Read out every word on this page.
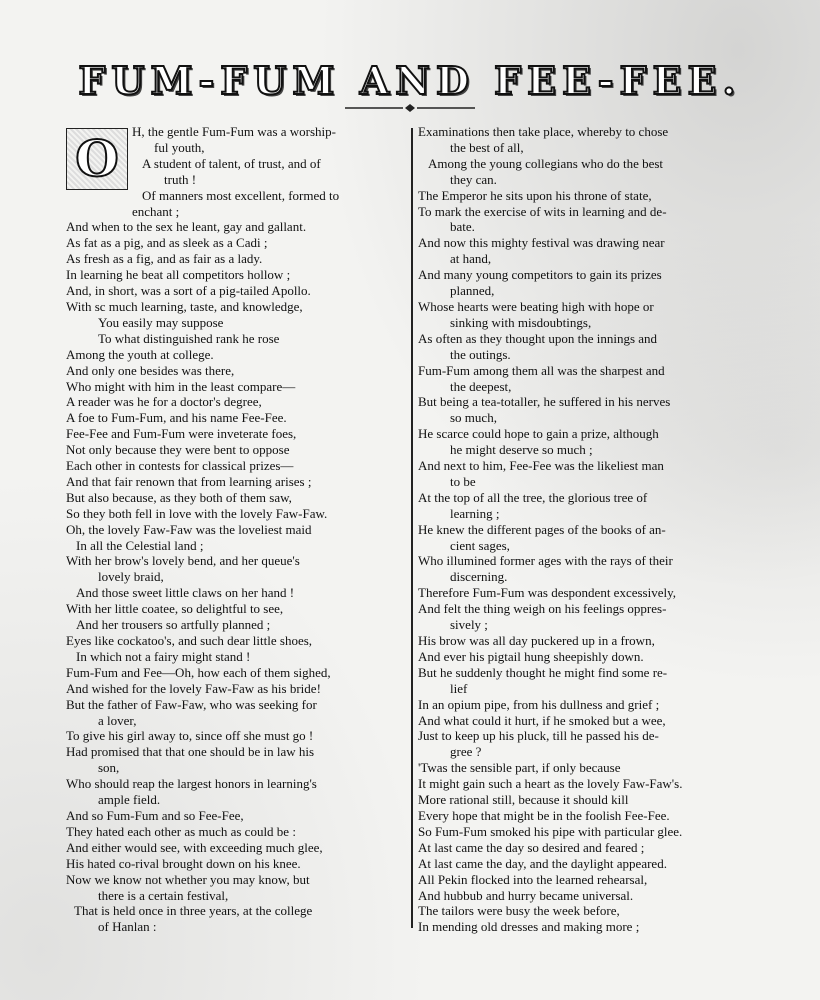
FUM-FUM AND FEE-FEE.
O H, the gentle Fum-Fum was a worship-
ful youth,
A student of talent, of trust, and of
truth !
Of manners most excellent, formed to
enchant ;
And when to the sex he leant, gay and gallant.
As fat as a pig, and as sleek as a Cadi ;
As fresh as a fig, and as fair as a lady.
In learning he beat all competitors hollow ;
And, in short, was a sort of a pig-tailed Apollo.
With sc much learning, taste, and knowledge,
You easily may suppose
To what distinguished rank he rose
Among the youth at college.
And only one besides was there,
Who might with him in the least compare—
A reader was he for a doctor's degree,
A foe to Fum-Fum, and his name Fee-Fee.
Fee-Fee and Fum-Fum were inveterate foes,
Not only because they were bent to oppose
Each other in contests for classical prizes—
And that fair renown that from learning arises ;
But also because, as they both of them saw,
So they both fell in love with the lovely Faw-Faw.
Oh, the lovely Faw-Faw was the loveliest maid
In all the Celestial land ;
With her brow's lovely bend, and her queue's
lovely braid,
And those sweet little claws on her hand !
With her little coatee, so delightful to see,
And her trousers so artfully planned ;
Eyes like cockatoo's, and such dear little shoes,
In which not a fairy might stand !
Fum-Fum and Fee—Oh, how each of them sighed,
And wished for the lovely Faw-Faw as his bride!
But the father of Faw-Faw, who was seeking for
a lover,
To give his girl away to, since off she must go !
Had promised that that one should be in law his
son,
Who should reap the largest honors in learning's
ample field.
And so Fum-Fum and so Fee-Fee,
They hated each other as much as could be :
And either would see, with exceeding much glee,
His hated co-rival brought down on his knee.
Now we know not whether you may know, but
there is a certain festival,
That is held once in three years, at the college
of Hanlan :
Examinations then take place, whereby to chose
the best of all,
Among the young collegians who do the best
they can.
The Emperor he sits upon his throne of state,
To mark the exercise of wits in learning and de-
bate.
And now this mighty festival was drawing near
at hand,
And many young competitors to gain its prizes
planned,
Whose hearts were beating high with hope or
sinking with misdoubtings,
As often as they thought upon the innings and
the outings.
Fum-Fum among them all was the sharpest and
the deepest,
But being a tea-totaller, he suffered in his nerves
so much,
He scarce could hope to gain a prize, although
he might deserve so much ;
And next to him, Fee-Fee was the likeliest man
to be
At the top of all the tree, the glorious tree of
learning ;
He knew the different pages of the books of an-
cient sages,
Who illumined former ages with the rays of their
discerning.
Therefore Fum-Fum was despondent excessively,
And felt the thing weigh on his feelings oppres-
sively ;
His brow was all day puckered up in a frown,
And ever his pigtail hung sheepishly down.
But he suddenly thought he might find some re-
lief
In an opium pipe, from his dullness and grief ;
And what could it hurt, if he smoked but a wee,
Just to keep up his pluck, till he passed his de-
gree ?
'Twas the sensible part, if only because
It might gain such a heart as the lovely Faw-Faw's.
More rational still, because it should kill
Every hope that might be in the foolish Fee-Fee.
So Fum-Fum smoked his pipe with particular glee.
At last came the day so desired and feared ;
At last came the day, and the daylight appeared.
All Pekin flocked into the learned rehearsal,
And hubbub and hurry became universal.
The tailors were busy the week before,
In mending old dresses and making more ;
